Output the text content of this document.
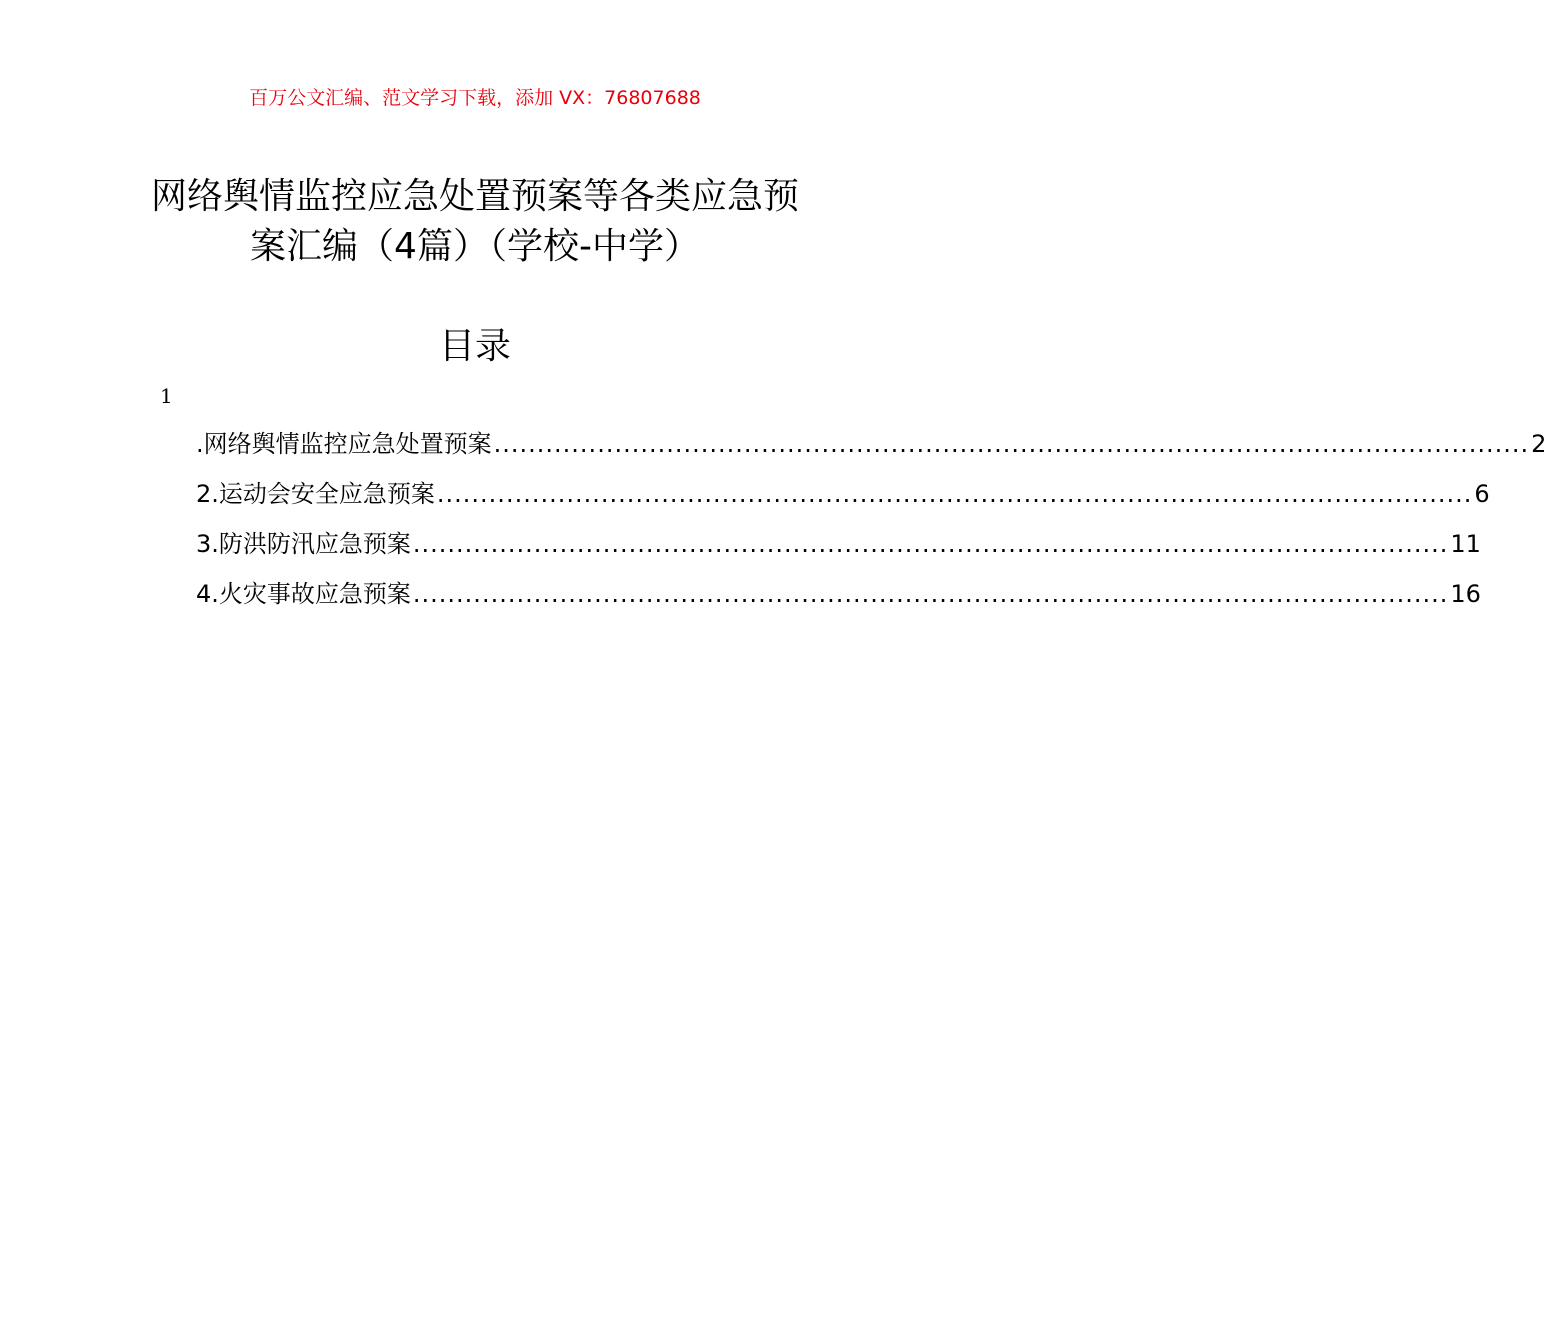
百万公文汇编、范文学习下载，添加 VX：76807688
网络舆情监控应急处置预案等各类应急预
案汇编（4篇）（学校-中学）
目录
1
.网络舆情监控应急处置预案 ........................................................................................................................ 2
2.运动会安全应急预案 ........................................................................................................................ 6
3.防洪防汛应急预案 ........................................................................................................................ 11
4.火灾事故应急预案 ........................................................................................................................ 16
